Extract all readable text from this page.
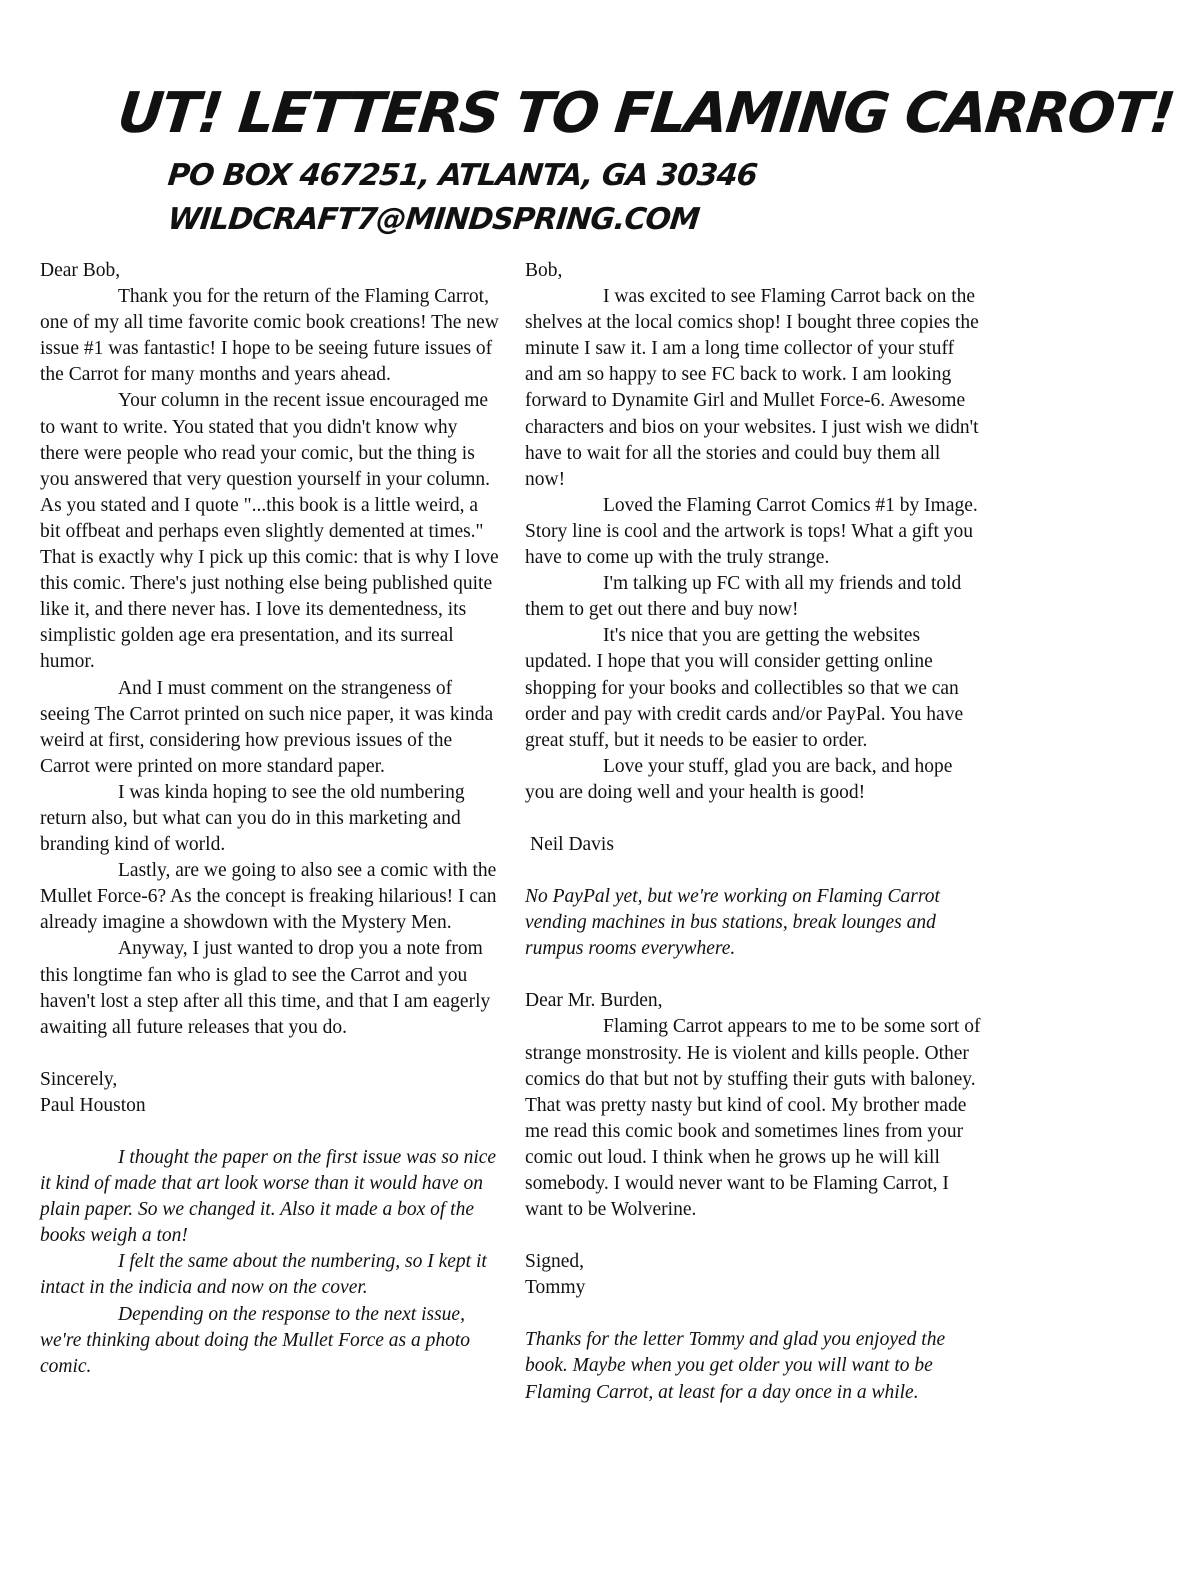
UT! LETTERS TO FLAMING CARROT!
PO BOX 467251, ATLANTA, GA 30346
WILDCRAFT7@MINDSPRING.COM

Dear Bob,

Thank you for the return of the Flaming Carrot, one of my all time favorite comic book creations! The new issue #1 was fantastic! I hope to be seeing future issues of the Carrot for many months and years ahead.

Your column in the recent issue encouraged me to want to write. You stated that you didn't know why there were people who read your comic, but the thing is you answered that very question yourself in your column. As you stated and I quote "...this book is a little weird, a bit offbeat and perhaps even slightly demented at times." That is exactly why I pick up this comic: that is why I love this comic. There's just nothing else being published quite like it, and there never has. I love its dementedness, its simplistic golden age era presentation, and its surreal humor.

And I must comment on the strangeness of seeing The Carrot printed on such nice paper, it was kinda weird at first, considering how previous issues of the Carrot were printed on more standard paper.

I was kinda hoping to see the old numbering return also, but what can you do in this marketing and branding kind of world.

Lastly, are we going to also see a comic with the Mullet Force-6? As the concept is freaking hilarious! I can already imagine a showdown with the Mystery Men.

Anyway, I just wanted to drop you a note from this longtime fan who is glad to see the Carrot and you haven't lost a step after all this time, and that I am eagerly awaiting all future releases that you do.

Sincerely,

Paul Houston

I thought the paper on the first issue was so nice it kind of made that art look worse than it would have on plain paper. So we changed it. Also it made a box of the books weigh a ton!

I felt the same about the numbering, so I kept it intact in the indicia and now on the cover.

Depending on the response to the next issue, we're thinking about doing the Mullet Force as a photo comic.

Bob,

I was excited to see Flaming Carrot back on the shelves at the local comics shop! I bought three copies the minute I saw it. I am a long time collector of your stuff and am so happy to see FC back to work. I am looking forward to Dynamite Girl and Mullet Force-6. Awesome characters and bios on your websites. I just wish we didn't have to wait for all the stories and could buy them all now!

Loved the Flaming Carrot Comics #1 by Image. Story line is cool and the artwork is tops! What a gift you have to come up with the truly strange.

I'm talking up FC with all my friends and told them to get out there and buy now!

It's nice that you are getting the websites updated. I hope that you will consider getting online shopping for your books and collectibles so that we can order and pay with credit cards and/or PayPal. You have great stuff, but it needs to be easier to order.

Love your stuff, glad you are back, and hope you are doing well and your health is good!

Neil Davis

No PayPal yet, but we're working on Flaming Carrot vending machines in bus stations, break lounges and rumpus rooms everywhere.

Dear Mr. Burden,

Flaming Carrot appears to me to be some sort of strange monstrosity. He is violent and kills people. Other comics do that but not by stuffing their guts with baloney. That was pretty nasty but kind of cool. My brother made me read this comic book and sometimes lines from your comic out loud. I think when he grows up he will kill somebody. I would never want to be Flaming Carrot, I want to be Wolverine.

Signed,

Tommy

Thanks for the letter Tommy and glad you enjoyed the book. Maybe when you get older you will want to be Flaming Carrot, at least for a day once in a while.
